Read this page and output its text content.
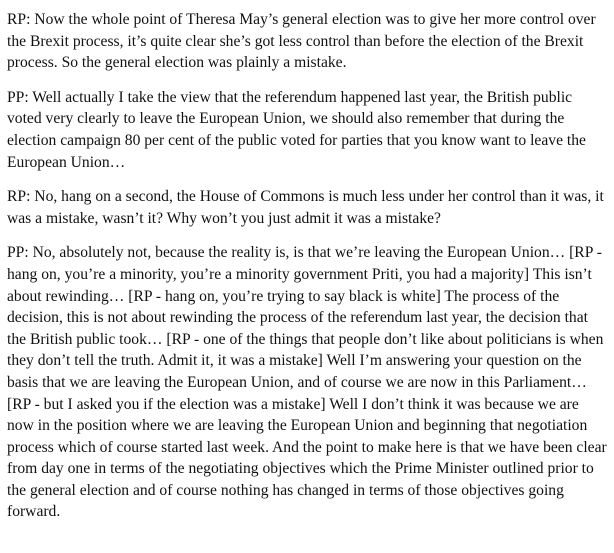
RP: Now the whole point of Theresa May’s general election was to give her more control over the Brexit process, it’s quite clear she’s got less control than before the election of the Brexit process. So the general election was plainly a mistake.

PP: Well actually I take the view that the referendum happened last year, the British public voted very clearly to leave the European Union, we should also remember that during the election campaign 80 per cent of the public voted for parties that you know want to leave the European Union…

RP: No, hang on a second, the House of Commons is much less under her control than it was, it was a mistake, wasn’t it? Why won’t you just admit it was a mistake?

PP: No, absolutely not, because the reality is, is that we’re leaving the European Union… [RP - hang on, you’re a minority, you’re a minority government Priti, you had a majority] This isn’t about rewinding… [RP - hang on, you’re trying to say black is white] The process of the decision, this is not about rewinding the process of the referendum last year, the decision that the British public took… [RP - one of the things that people don’t like about politicians is when they don’t tell the truth. Admit it, it was a mistake] Well I’m answering your question on the basis that we are leaving the European Union, and of course we are now in this Parliament… [RP - but I asked you if the election was a mistake] Well I don’t think it was because we are now in the position where we are leaving the European Union and beginning that negotiation process which of course started last week. And the point to make here is that we have been clear from day one in terms of the negotiating objectives which the Prime Minister outlined prior to the general election and of course nothing has changed in terms of those objectives going forward.
